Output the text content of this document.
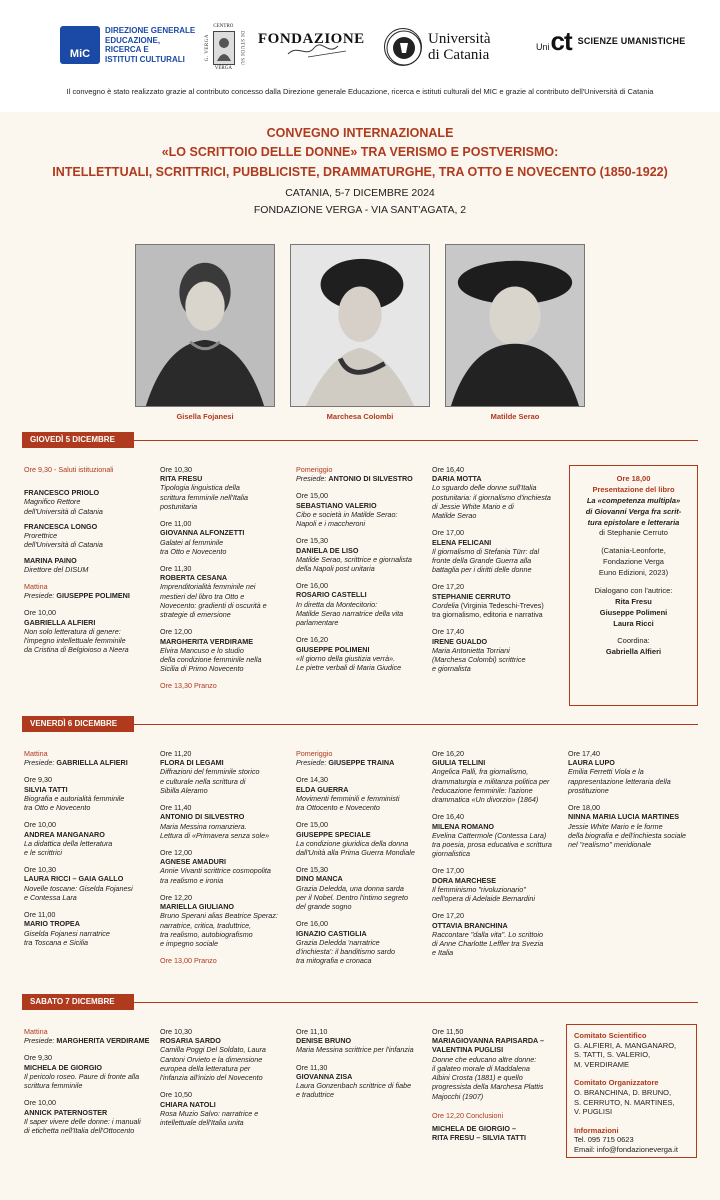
MiC
DIREZIONE GENERALE
EDUCAZIONE,
RICERCA E
ISTITUTI CULTURALI	G. VERGA
CENTRO
VERGA
DI STUDI SU FONDAZIONE	Università
di Catania
Uni ct SCIENZE UMANISTICHE
Il convegno è stato realizzato grazie al contributo concesso dalla Direzione generale Educazione, ricerca e istituti culturali del MIC e grazie al contributo dell'Università di Catania
CONVEGNO INTERNAZIONALE
«LO SCRITTOIO DELLE DONNE» TRA VERISMO E POSTVERISMO:
INTELLETTUALI, SCRITTRICI, PUBBLICISTE, DRAMMATURGHE, TRA OTTO E NOVECENTO (1850-1922)
CATANIA, 5-7 DICEMBRE 2024
FONDAZIONE VERGA - VIA SANT'AGATA, 2
Gisella Fojanesi	Marchesa Colombi	Matilde Serao
GIOVEDÌ 5 DICEMBRE
Ore 9,30 - Saluti istituzionali
FRANCESCO PRIOLO
Magnifico Rettore
dell'Università di Catania
FRANCESCA LONGO
Prorettrice
dell'Università di Catania
MARINA PAINO
Direttore del DISUM
Mattina
Presiede: GIUSEPPE POLIMENI
Ore 10,00
GABRIELLA ALFIERI
Non solo letteratura di genere:
l'impegno intellettuale femminile
da Cristina di Belgioioso a Neera
Ore 10,30
RITA FRESU
Tipologia linguistica della
scrittura femminile nell'Italia
postunitaria
Ore 11,00
GIOVANNA ALFONZETTI
Galatei al femminile
tra Otto e Novecento
Ore 11,30
ROBERTA CESANA
Imprenditorialità femminile nei
mestieri del libro tra Otto e
Novecento: gradienti di oscurità e
strategie di emersione
Ore 12,00
MARGHERITA VERDIRAME
Elvira Mancuso e lo studio
della condizione femminile nella
Sicilia di Primo Novecento
Ore 13,30 Pranzo
Pomeriggio
Presiede: ANTONIO DI SILVESTRO
Ore 15,00
SEBASTIANO VALERIO
Cibo e società in Matilde Serao:
Napoli e i maccheroni
Ore 15,30
DANIELA DE LISO
Matilde Serao, scrittrice e giornalista
della Napoli post unitaria
Ore 16,00
ROSARIO CASTELLI
In diretta da Montecitorio:
Matilde Serao narratrice della vita
parlamentare
Ore 16,20
GIUSEPPE POLIMENI
«Il giorno della giustizia verrà».
Le pietre verbali di Maria Giudice
Ore 16,40
DARIA MOTTA
Lo sguardo delle donne sull'Italia
postunitaria: il giornalismo d'inchiesta
di Jessie White Mario e di
Matilde Serao
Ore 17,00
ELENA FELICANI
Il giornalismo di Stefania Türr: dal
fronte della Grande Guerra alla
battaglia per i diritti delle donne
Ore 17,20
STEPHANIE CERRUTO
Cordelia (Virginia Tedeschi-Treves)
tra giornalismo, editoria e narrativa
Ore 17,40
IRENE GUALDO
Maria Antonietta Torriani
(Marchesa Colombi) scrittrice
e giornalista
Ore 18,00
Presentazione del libro
La «competenza multipla»
di Giovanni Verga fra scrit-
tura epistolare e letteraria
di Stephanie Cerruto
(Catania-Leonforte,
Fondazione Verga
Euno Edizioni, 2023)
Dialogano con l'autrice:
Rita Fresu
Giuseppe Polimeni
Laura Ricci
Coordina:
Gabriella Alfieri
VENERDÌ 6 DICEMBRE
Mattina
Presiede: GABRIELLA ALFIERI
Ore 9,30
SILVIA TATTI
Biografia e autorialità femminile
tra Otto e Novecento
Ore 10,00
ANDREA MANGANARO
La didattica della letteratura
e le scrittrici
Ore 10,30
LAURA RICCI – GAIA GALLO
Novelle toscane: Giselda Fojanesi
e Contessa Lara
Ore 11,00
MARIO TROPEA
Giselda Fojanesi narratrice
tra Toscana e Sicilia
Ore 11,20
FLORA DI LEGAMI
Diffrazioni del femminile storico
e culturale nella scrittura di
Sibilla Aleramo
Ore 11,40
ANTONIO DI SILVESTRO
Maria Messina romanziera.
Lettura di «Primavera senza sole»
Ore 12,00
AGNESE AMADURI
Annie Vivanti scrittrice cosmopolita
tra realismo e ironia
Ore 12,20
MARIELLA GIULIANO
Bruno Sperani alias Beatrice Speraz:
narratrice, critica, traduttrice,
tra realismo, autobiografismo
e impegno sociale
Ore 13,00 Pranzo
Pomeriggio
Presiede: GIUSEPPE TRAINA
Ore 14,30
ELDA GUERRA
Movimenti femminili e femministi
tra Ottocento e Novecento
Ore 15,00
GIUSEPPE SPECIALE
La condizione giuridica della donna
dall'Unità alla Prima Guerra Mondiale
Ore 15,30
DINO MANCA
Grazia Deledda, una donna sarda
per il Nobel. Dentro l'intimo segreto
del grande sogno
Ore 16,00
IGNAZIO CASTIGLIA
Grazia Deledda 'narratrice
d'inchiesta': il banditismo sardo
tra mitografia e cronaca
Ore 16,20
GIULIA TELLINI
Angelica Palli, fra giornalismo,
drammaturgia e militanza politica per
l'educazione femminile: l'azione
drammatica «Un divorzio» (1864)
Ore 16,40
MILENA ROMANO
Evelina Cattermole (Contessa Lara)
tra poesia, prosa educativa e scrittura
giornalistica
Ore 17,00
DORA MARCHESE
Il femminismo "rivoluzionario"
nell'opera di Adelaide Bernardini
Ore 17,20
OTTAVIA BRANCHINA
Raccontare "dalla vita". Lo scrittoio
di Anne Charlotte Leffler tra Svezia
e Italia
Ore 17,40
LAURA LUPO
Emilia Ferretti Viola e la
rappresentazione letteraria della
prostituzione
Ore 18,00
NINNA MARIA LUCIA MARTINES
Jessie White Mario e le forme
della biografia e dell'inchiesta sociale
nel "realismo" meridionale
SABATO 7 DICEMBRE
Mattina
Presiede: MARGHERITA VERDIRAME
Ore 9,30
MICHELA DE GIORGIO
Il pericolo roseo. Paure di fronte alla
scrittura femminile
Ore 10,00
ANNICK PATERNOSTER
Il saper vivere delle donne: i manuali
di etichetta nell'Italia dell'Ottocento
Ore 10,30
ROSARIA SARDO
Camilla Poggi Del Soldato, Laura
Cantoni Orvieto e la dimensione
europea della letteratura per
l'infanzia all'inizio del Novecento
Ore 10,50
CHIARA NATOLI
Rosa Muzio Salvo: narratrice e
intellettuale dell'Italia unita
Ore 11,10
DENISE BRUNO
Maria Messina scrittrice per l'infanzia
Ore 11,30
GIOVANNA ZISA
Laura Gonzenbach scrittrice di fiabe
e traduttrice
Ore 11,50
MARIAGIOVANNA RAPISARDA –
VALENTINA PUGLISI
Donne che educano altre donne:
il galateo morale di Maddalena
Albini Crosta (1881) e quello
progressista della Marchesa Plattis
Majocchi (1907)
Ore 12,20 Conclusioni
MICHELA DE GIORGIO –
RITA FRESU – SILVIA TATTI
Comitato Scientifico
G. ALFIERI, A. MANGANARO,
S. TATTI, S. VALERIO,
M. VERDIRAME
Comitato Organizzatore
O. BRANCHINA, D. BRUNO,
S. CERRUTO, N. MARTINES,
V. PUGLISI
Informazioni
Tel. 095 715 0623
Email: info@fondazioneverga.it
